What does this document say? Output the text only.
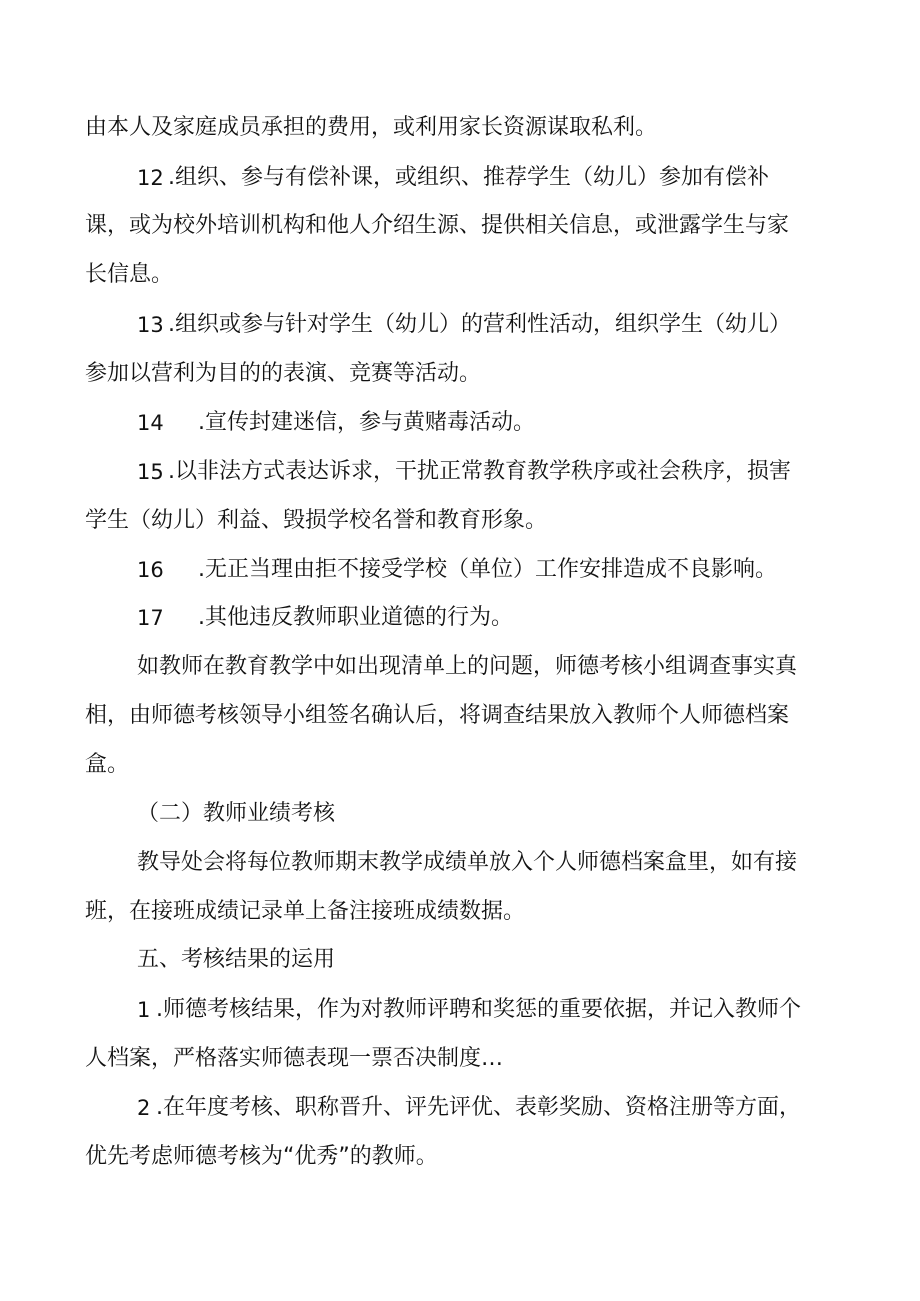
由本人及家庭成员承担的费用，或利用家长资源谋取私利。
12 .组织、参与有偿补课，或组织、推荐学生（幼儿）参加有偿补
课，或为校外培训机构和他人介绍生源、提供相关信息，或泄露学生与家
长信息。
13 .组织或参与针对学生（幼儿）的营利性活动，组织学生（幼儿）
参加以营利为目的的表演、竞赛等活动。
14 .宣传封建迷信，参与黄赌毒活动。
15 .以非法方式表达诉求，干扰正常教育教学秩序或社会秩序，损害
学生（幼儿）利益、毁损学校名誉和教育形象。
16 .无正当理由拒不接受学校（单位）工作安排造成不良影响。
17 .其他违反教师职业道德的行为。
如教师在教育教学中如出现清单上的问题，师德考核小组调查事实真
相，由师德考核领导小组签名确认后，将调查结果放入教师个人师德档案
盒。
（二）教师业绩考核
教导处会将每位教师期末教学成绩单放入个人师德档案盒里，如有接
班，在接班成绩记录单上备注接班成绩数据。
五、考核结果的运用
1 .师德考核结果，作为对教师评聘和奖惩的重要依据，并记入教师个
人档案，严格落实师德表现一票否决制度…
2 .在年度考核、职称晋升、评先评优、表彰奖励、资格注册等方面，
优先考虑师德考核为“优秀”的教师。
